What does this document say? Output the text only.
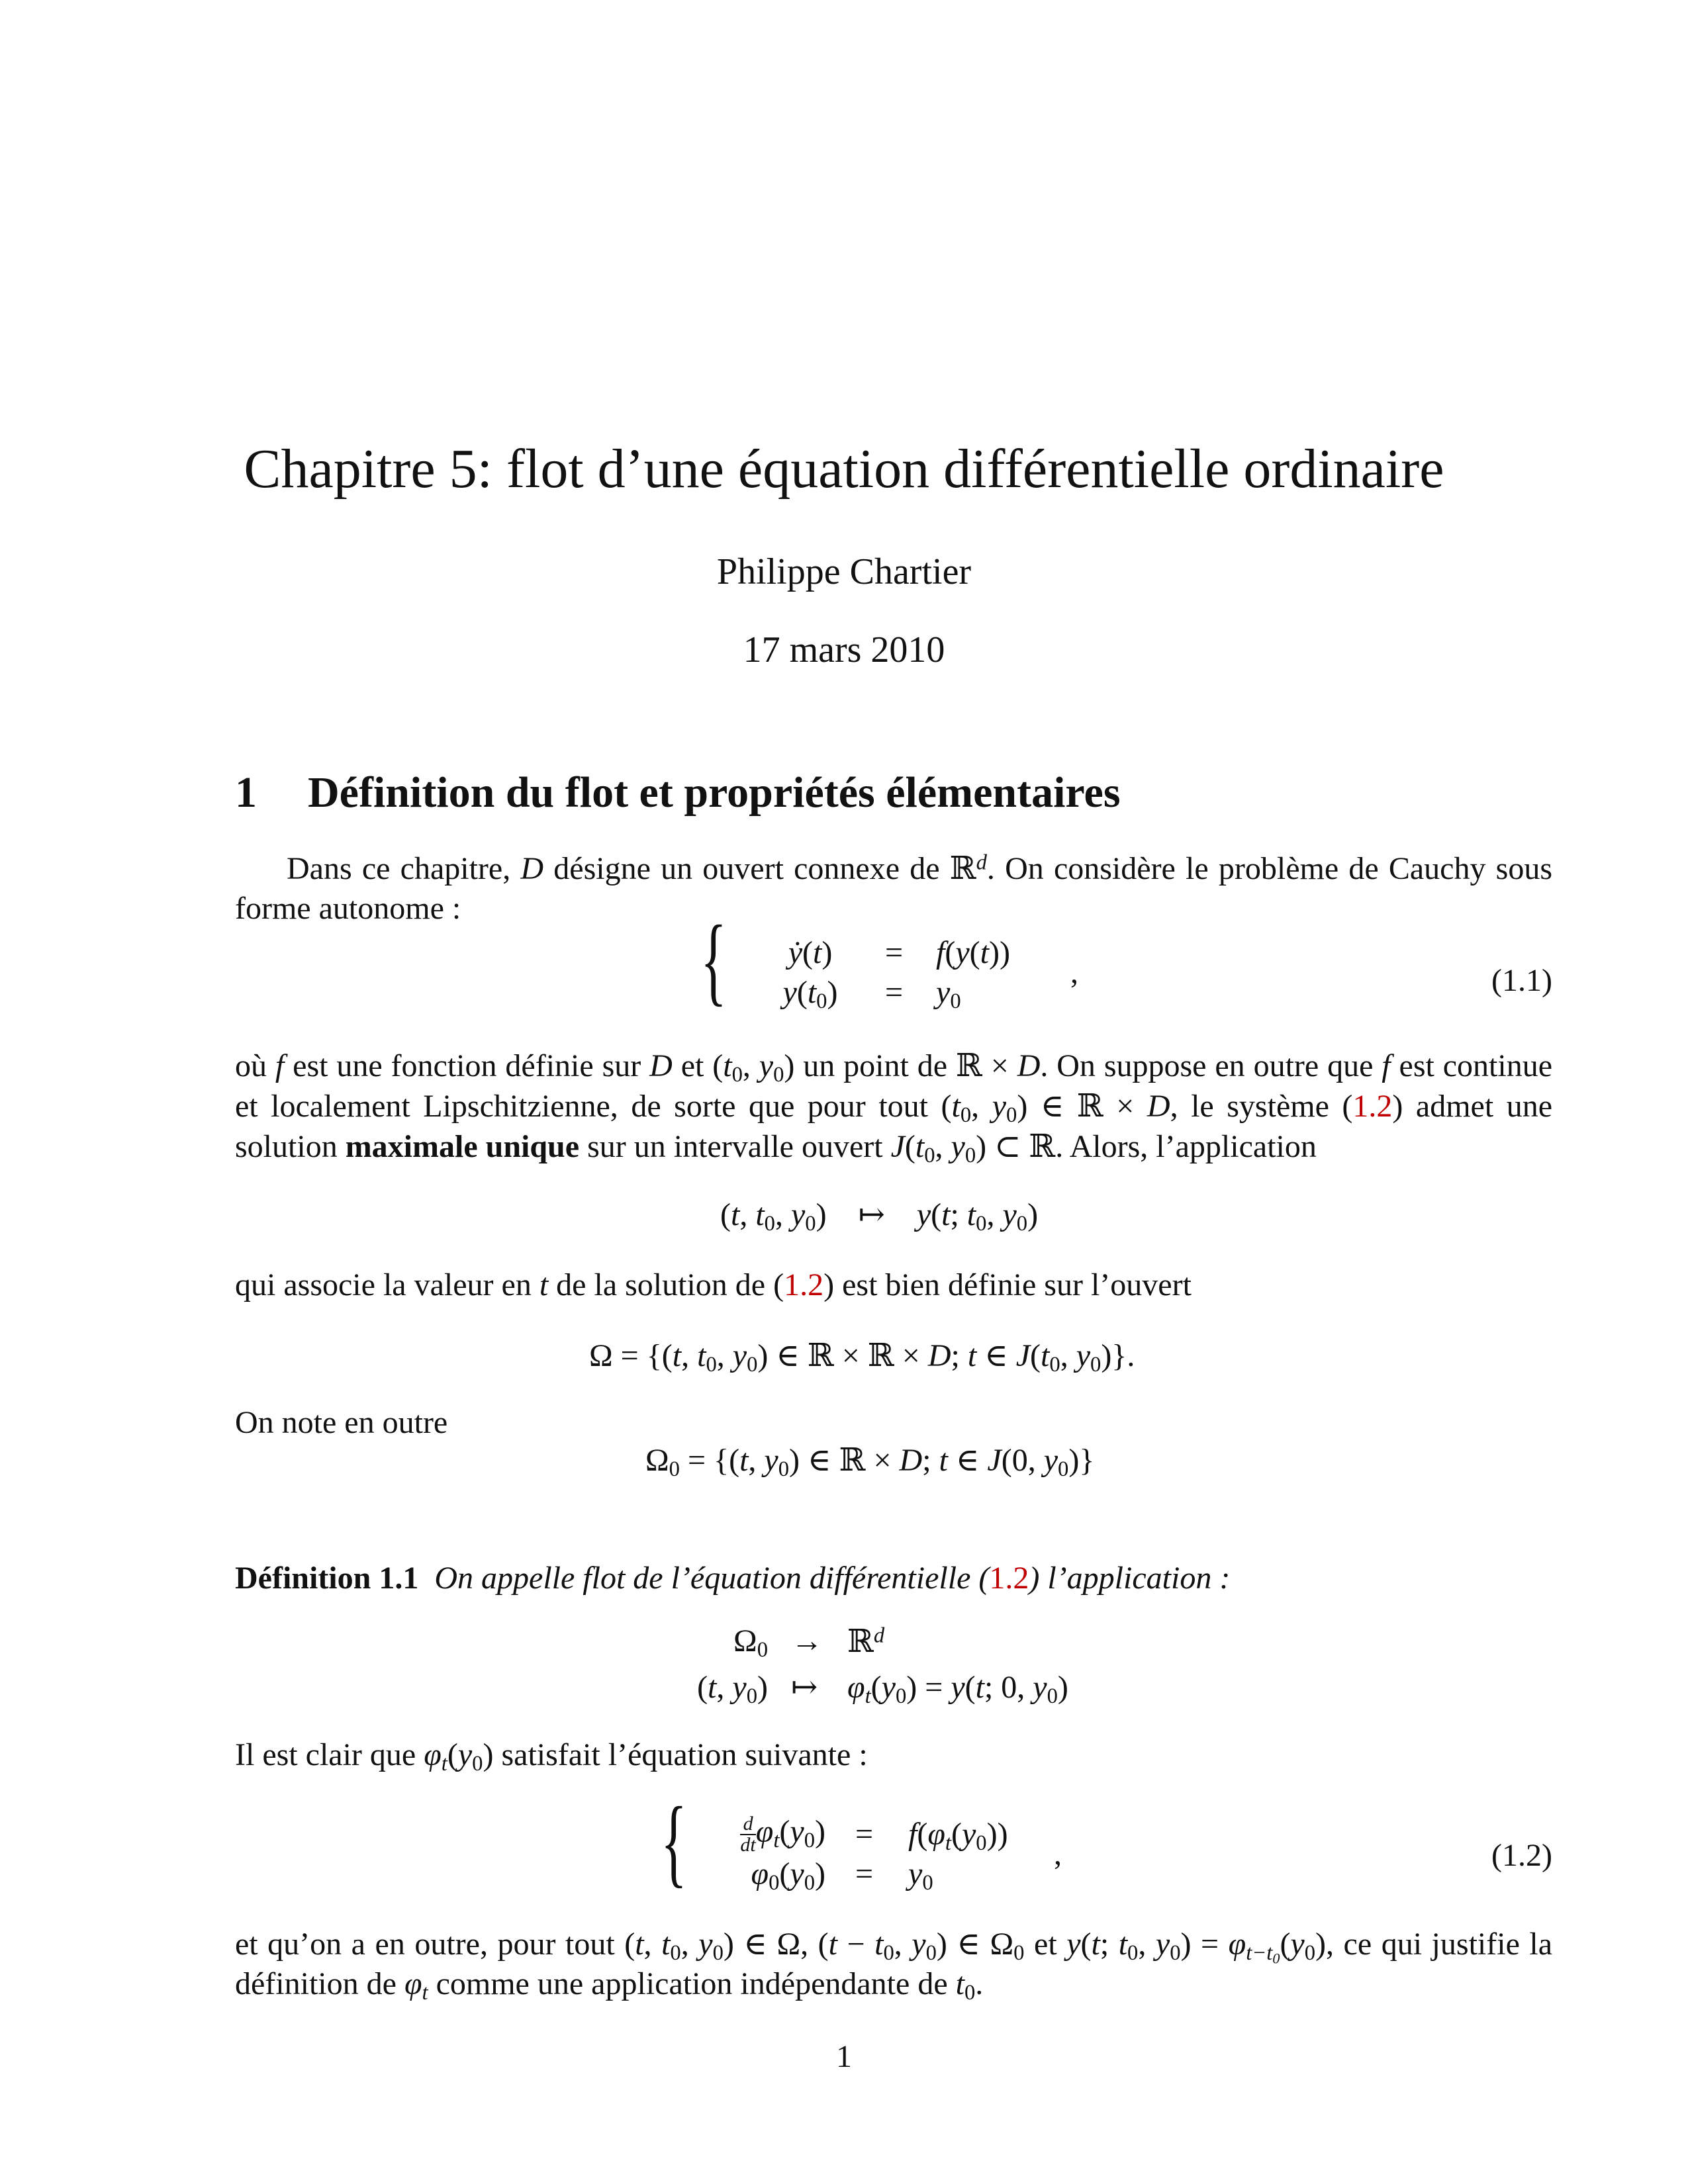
Chapitre 5: flot d’une équation différentielle ordinaire
Philippe Chartier
17 mars 2010
1 Définition du flot et propriétés élémentaires
Dans ce chapitre, D désigne un ouvert connexe de ℝ$^d$. On considère le problème de Cauchy sous forme autonome :	{	ẏ(t)	= f(y(t))
$y(t_0)$	= $y_0$
,	(1.1)
où f est une fonction définie sur D et ($t_0$, $y_0$) un point de ℝ × D. On suppose en outre que f est continue et localement Lipschitzienne, de sorte que pour tout ($t_0$, $y_0$) ∈ ℝ × D, le système (1.2) admet une solution maximale unique sur un intervalle ouvert $J(t_0$, $y_0$) ⊂ ℝ. Alors, l’application
(t, $t_0$, $y_0$)    ↦    y(t; $t_0$, $y_0$)
qui associe la valeur en t de la solution de (1.2) est bien définie sur l’ouvert
Ω = {(t, $t_0$, $y_0$) ∈ ℝ × ℝ × D; t ∈ $J(t_0$, $y_0$)}.
On note en outre
$\Omega_0 = \{(t$, $y_0$) ∈ ℝ × D; t ∈ J(0, $y_0$)}
Définition 1.1 On appelle flot de l’équation différentielle (1.2) l’application :
$\Omega_0$ → ℝ$^d$
(t, $y_0$) ↦ $\varphi_t(y_0) = y(t$; 0, $y_0$)
Il est clair que $\varphi_t(y_0)$ satisfait l’équation suivante :
{	$\frac{d}{dt} \varphi_t(y_0) = f(\varphi_t(y_0))$
$\varphi_0(y_0) = y_0$
,	(1.2)
et qu’on a en outre, pour tout (t, $t_0$, $y_0$) ∈ Ω, ($t - t_0$, $y_0$) ∈ $\Omega_0$ et y(t; $t_0$, $y_0) = \varphi_{t-t_0}(y_0)$, ce qui justifie la définition de $\varphi_t$ comme une application indépendante de $t_0$.
1
